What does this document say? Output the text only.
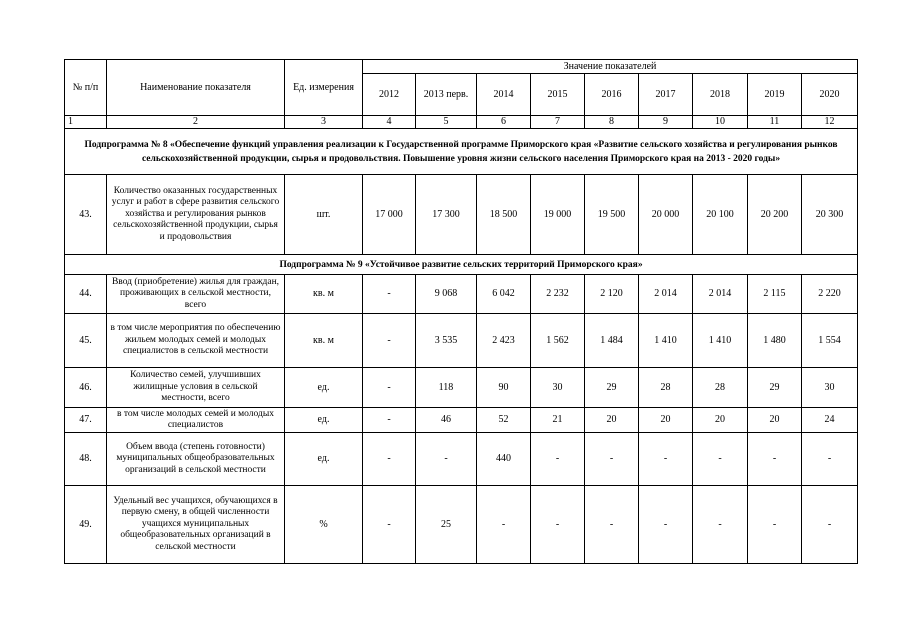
№ п/п	Наименование показателя	Ед. измерения	Значение показателей								
			2012	2013 перв.	2014	2015	2016	2017	2018	2019	2020
1	2	3	4	5	6	7	8	9	10	11	12
Подпрограмма № 8 «Обеспечение функций управления реализации к Государственной программе Приморского края «Развитие сельского хозяйства и регулирования рынков сельскохозяйственной продукции, сырья и продовольствия. Повышение уровня жизни сельского населения Приморского края на 2013 - 2020 годы»											
43.	Количество оказанных государственных услуг и работ в сфере развития сельского хозяйства и регулирования рынков сельскохозяйственной продукции, сырья и продовольствия	шт.	17 000	17 300	18 500	19 000	19 500	20 000	20 100	20 200	20 300
Подпрограмма № 9 «Устойчивое развитие сельских территорий Приморского края»											
44.	Ввод (приобретение) жилья для граждан, проживающих в сельской местности, всего	кв. м	-	9 068	6 042	2 232	2 120	2 014	2 014	2 115	2 220
45.	в том числе мероприятия по обеспечению жильем молодых семей и молодых специалистов в сельской местности	кв. м	-	3 535	2 423	1 562	1 484	1 410	1 410	1 480	1 554
46.	Количество семей, улучшивших жилищные условия в сельской местности, всего	ед.	-	118	90	30	29	28	28	29	30
47.	в том числе молодых семей и молодых специалистов	ед.	-	46	52	21	20	20	20	20	24
48.	Объем ввода (степень готовности) муниципальных общеобразовательных организаций в сельской местности	ед.	-	-	440	-	-	-	-	-	-
49.	Удельный вес учащихся, обучающихся в первую смену, в общей численности учащихся муниципальных общеобразовательных организаций в сельской местности	%	-	25	-	-	-	-	-	-	-
